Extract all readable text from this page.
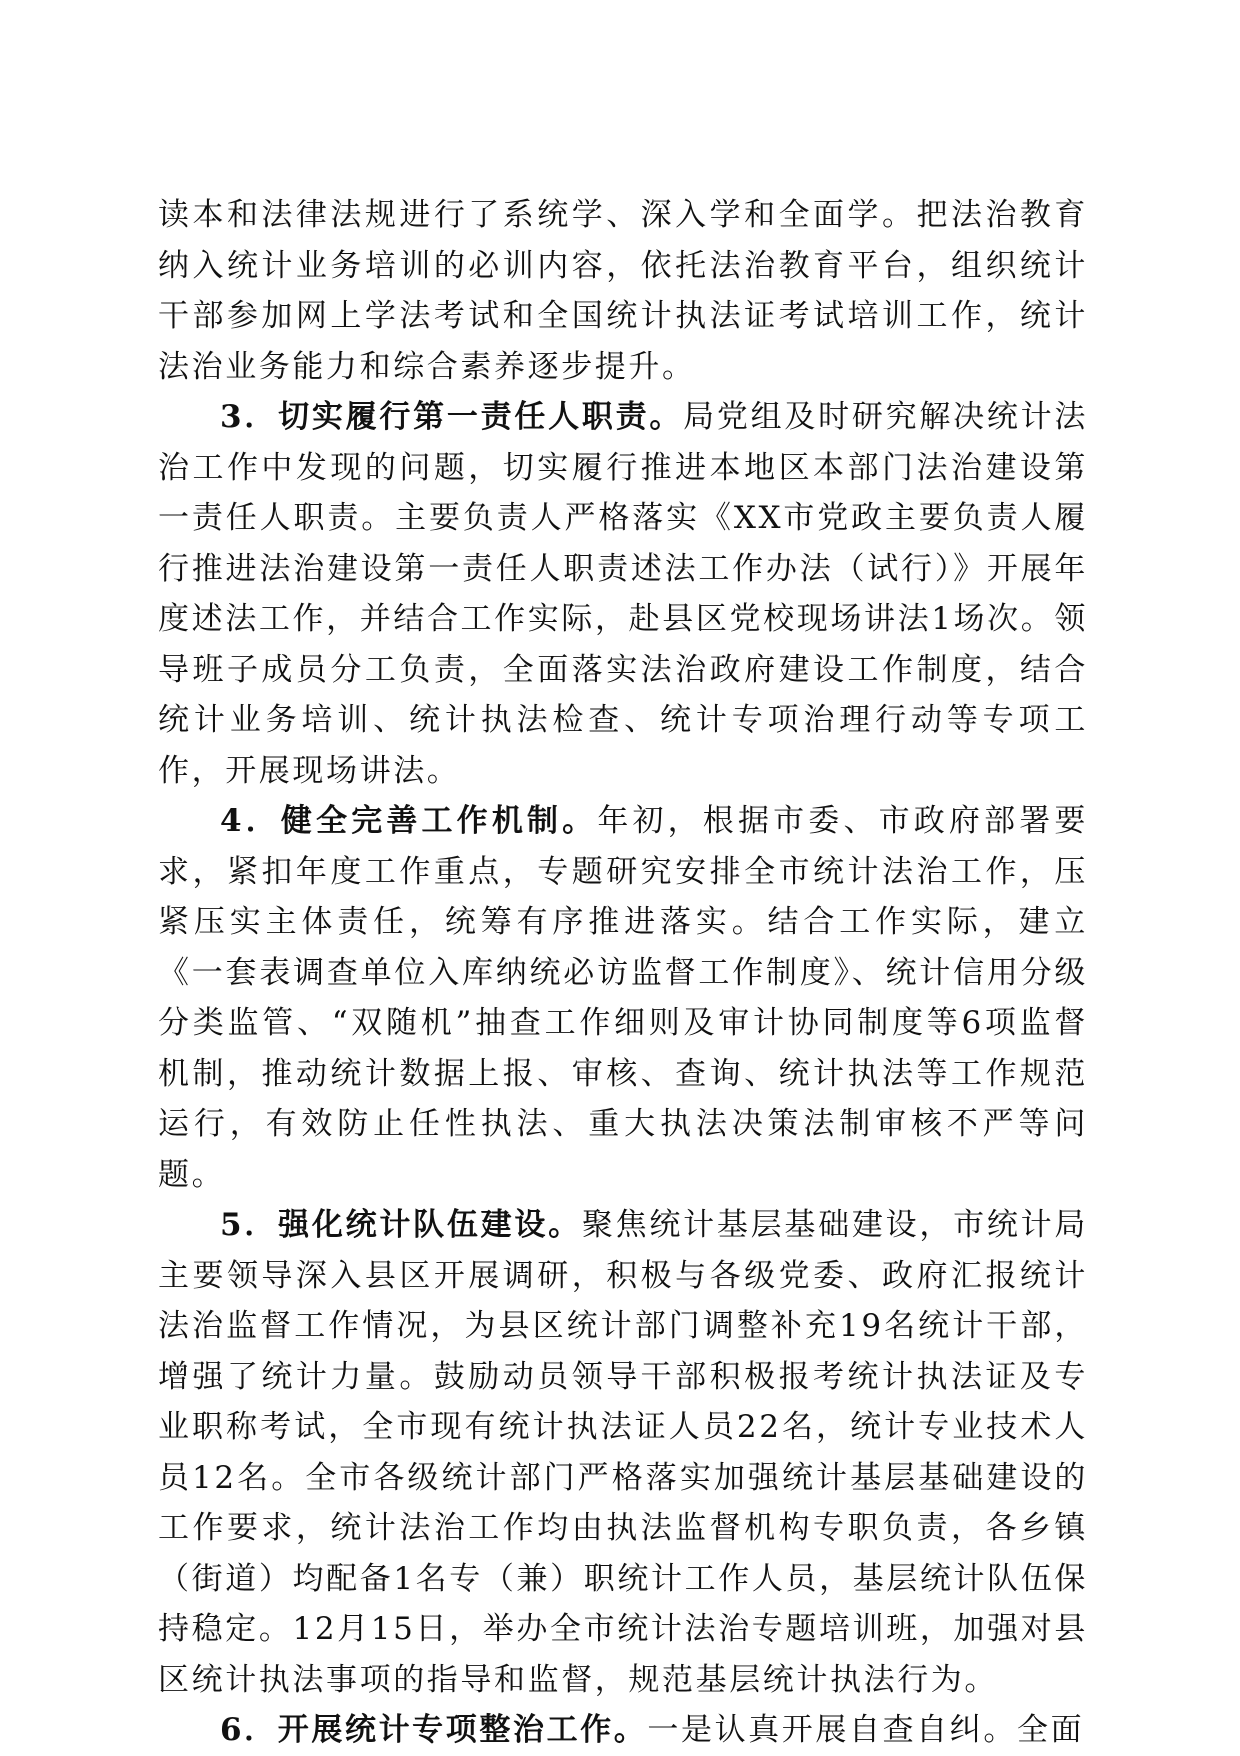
读本和法律法规进行了系统学、深入学和全面学。把法治教育纳入统计业务培训的必训内容，依托法治教育平台，组织统计干部参加网上学法考试和全国统计执法证考试培训工作，统计法治业务能力和综合素养逐步提升。

3．切实履行第一责任人职责。局党组及时研究解决统计法治工作中发现的问题，切实履行推进本地区本部门法治建设第一责任人职责。主要负责人严格落实《XX市党政主要负责人履行推进法治建设第一责任人职责述法工作办法（试行）》开展年度述法工作，并结合工作实际，赴县区党校现场讲法1场次。领导班子成员分工负责，全面落实法治政府建设工作制度，结合统计业务培训、统计执法检查、统计专项治理行动等专项工作，开展现场讲法。

4．健全完善工作机制。年初，根据市委、市政府部署要求，紧扣年度工作重点，专题研究安排全市统计法治工作，压紧压实主体责任，统筹有序推进落实。结合工作实际，建立《一套表调查单位入库纳统必访监督工作制度》、统计信用分级分类监管、“双随机”抽查工作细则及审计协同制度等6项监督机制，推动统计数据上报、审核、查询、统计执法等工作规范运行，有效防止任性执法、重大执法决策法制审核不严等问题。

5．强化统计队伍建设。聚焦统计基层基础建设，市统计局主要领导深入县区开展调研，积极与各级党委、政府汇报统计法治监督工作情况，为县区统计部门调整补充19名统计干部，增强了统计力量。鼓励动员领导干部积极报考统计执法证及专业职称考试，全市现有统计执法证人员22名，统计专业技术人员12名。全市各级统计部门严格落实加强统计基层基础建设的工作要求，统计法治工作均由执法监督机构专职负责，各乡镇（街道）均配备1名专（兼）职统计工作人员，基层统计队伍保持稳定。12月15日，举办全市统计法治专题培训班，加强对县区统计执法事项的指导和监督，规范基层统计执法行为。

6．开展统计专项整治工作。一是认真开展自查自纠。全面
